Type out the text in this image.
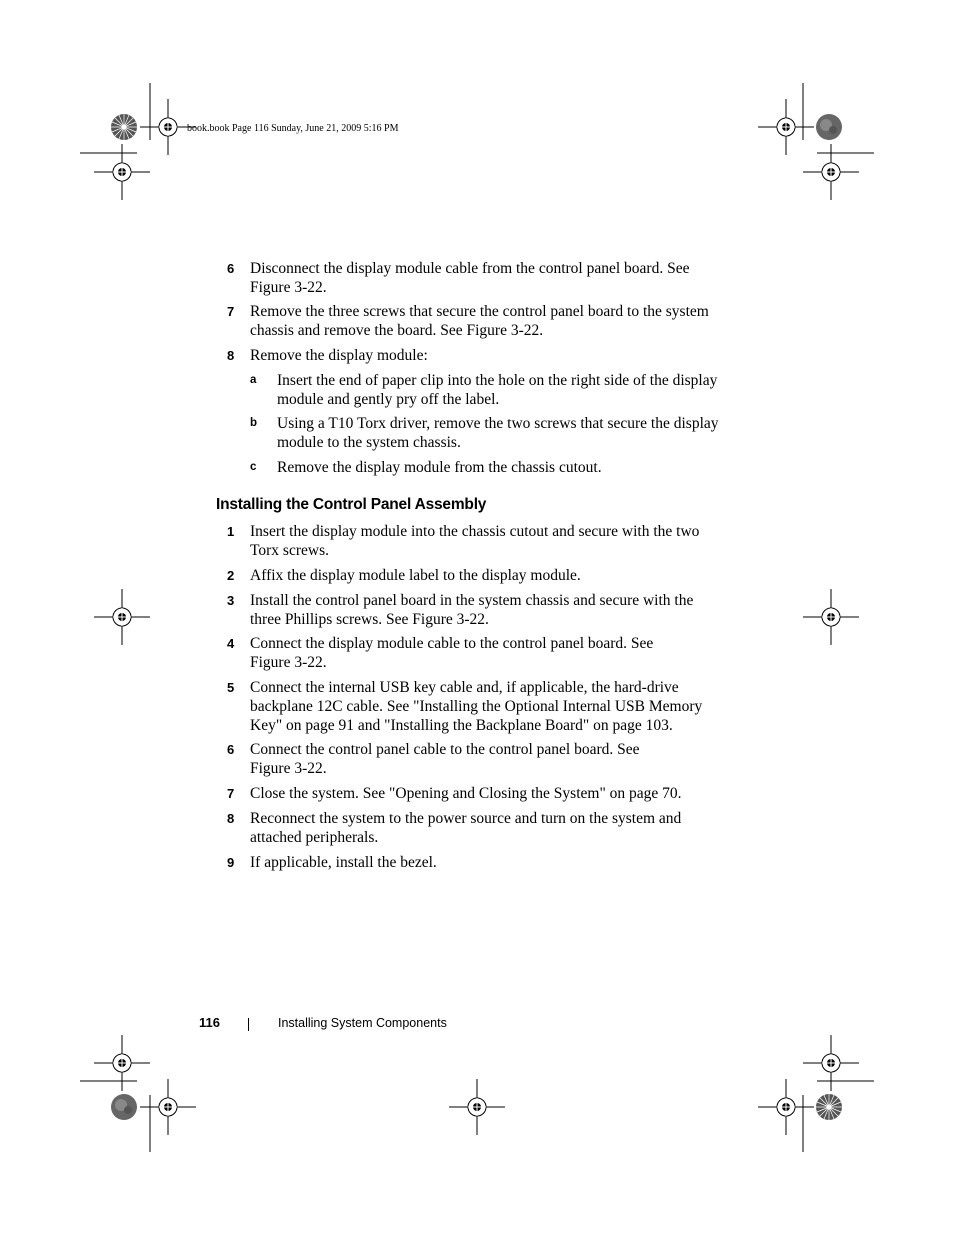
book.book Page 116 Sunday, June 21, 2009 5:16 PM
6 Disconnect the display module cable from the control panel board. See Figure 3-22.
7 Remove the three screws that secure the control panel board to the system chassis and remove the board. See Figure 3-22.
8 Remove the display module:
a Insert the end of paper clip into the hole on the right side of the display module and gently pry off the label.
b Using a T10 Torx driver, remove the two screws that secure the display module to the system chassis.
c Remove the display module from the chassis cutout.
Installing the Control Panel Assembly
1 Insert the display module into the chassis cutout and secure with the two Torx screws.
2 Affix the display module label to the display module.
3 Install the control panel board in the system chassis and secure with the three Phillips screws. See Figure 3-22.
4 Connect the display module cable to the control panel board. See Figure 3-22.
5 Connect the internal USB key cable and, if applicable, the hard-drive backplane 12C cable. See "Installing the Optional Internal USB Memory Key" on page 91 and "Installing the Backplane Board" on page 103.
6 Connect the control panel cable to the control panel board. See Figure 3-22.
7 Close the system. See "Opening and Closing the System" on page 70.
8 Reconnect the system to the power source and turn on the system and attached peripherals.
9 If applicable, install the bezel.
116	Installing System Components
